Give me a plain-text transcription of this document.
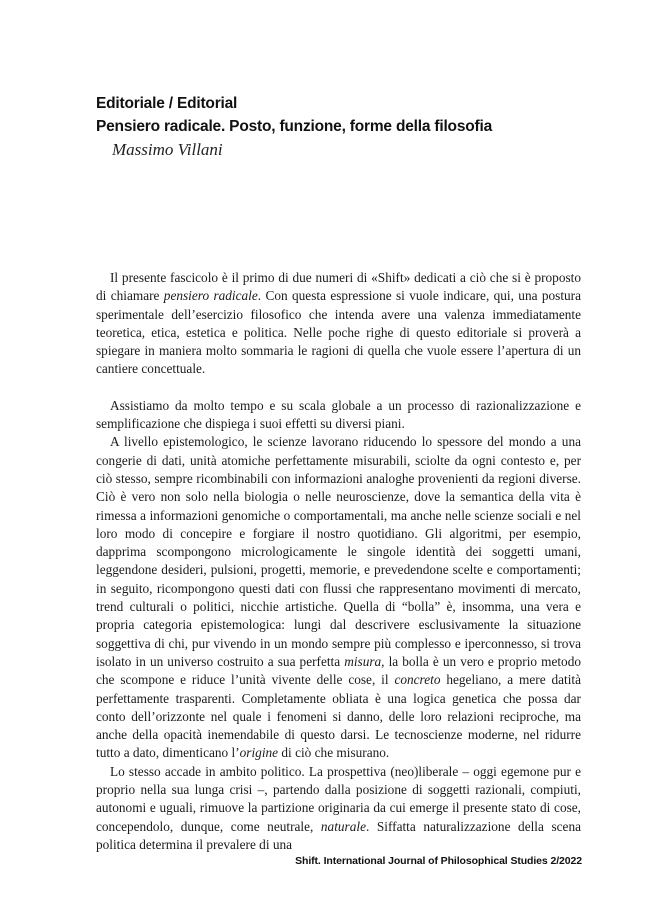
Editoriale / Editorial
Pensiero radicale. Posto, funzione, forme della filosofia
Massimo Villani

Il presente fascicolo è il primo di due numeri di «Shift» dedicati a ciò che si è proposto di chiamare pensiero radicale. Con questa espressione si vuole indicare, qui, una postura sperimentale dell’esercizio filosofico che intenda avere una valenza immediatamente teoretica, etica, estetica e politica. Nelle poche righe di questo editoriale si proverà a spiegare in maniera molto sommaria le ragioni di quella che vuole essere l’apertura di un cantiere concettuale.

Assistiamo da molto tempo e su scala globale a un processo di razionalizzazione e semplificazione che dispiega i suoi effetti su diversi piani.

A livello epistemologico, le scienze lavorano riducendo lo spessore del mondo a una congerie di dati, unità atomiche perfettamente misurabili, sciolte da ogni contesto e, per ciò stesso, sempre ricombinabili con informazioni analoghe provenienti da regioni diverse. Ciò è vero non solo nella biologia o nelle neuroscienze, dove la semantica della vita è rimessa a informazioni genomiche o comportamentali, ma anche nelle scienze sociali e nel loro modo di concepire e forgiare il nostro quotidiano. Gli algoritmi, per esempio, dapprima scompongono micrologicamente le singole identità dei soggetti umani, leggendone desideri, pulsioni, progetti, memorie, e prevedendone scelte e comportamenti; in seguito, ricompongono questi dati con flussi che rappresentano movimenti di mercato, trend culturali o politici, nicchie artistiche. Quella di “bolla” è, insomma, una vera e propria categoria epistemologica: lungi dal descrivere esclusivamente la situazione soggettiva di chi, pur vivendo in un mondo sempre più complesso e iperconnesso, si trova isolato in un universo costruito a sua perfetta misura, la bolla è un vero e proprio metodo che scompone e riduce l’unità vivente delle cose, il concreto hegeliano, a mere datità perfettamente trasparenti. Completamente obliata è una logica genetica che possa dar conto dell’orizzonte nel quale i fenomeni si danno, delle loro relazioni reciproche, ma anche della opacità inemendabile di questo darsi. Le tecnoscienze moderne, nel ridurre tutto a dato, dimenticano l’origine di ciò che misurano.

Lo stesso accade in ambito politico. La prospettiva (neo)liberale – oggi egemone pur e proprio nella sua lunga crisi –, partendo dalla posizione di soggetti razionali, compiuti, autonomi e uguali, rimuove la partizione originaria da cui emerge il presente stato di cose, concependolo, dunque, come neutrale, naturale. Siffatta naturalizzazione della scena politica determina il prevalere di una

Shift. International Journal of Philosophical Studies 2/2022
